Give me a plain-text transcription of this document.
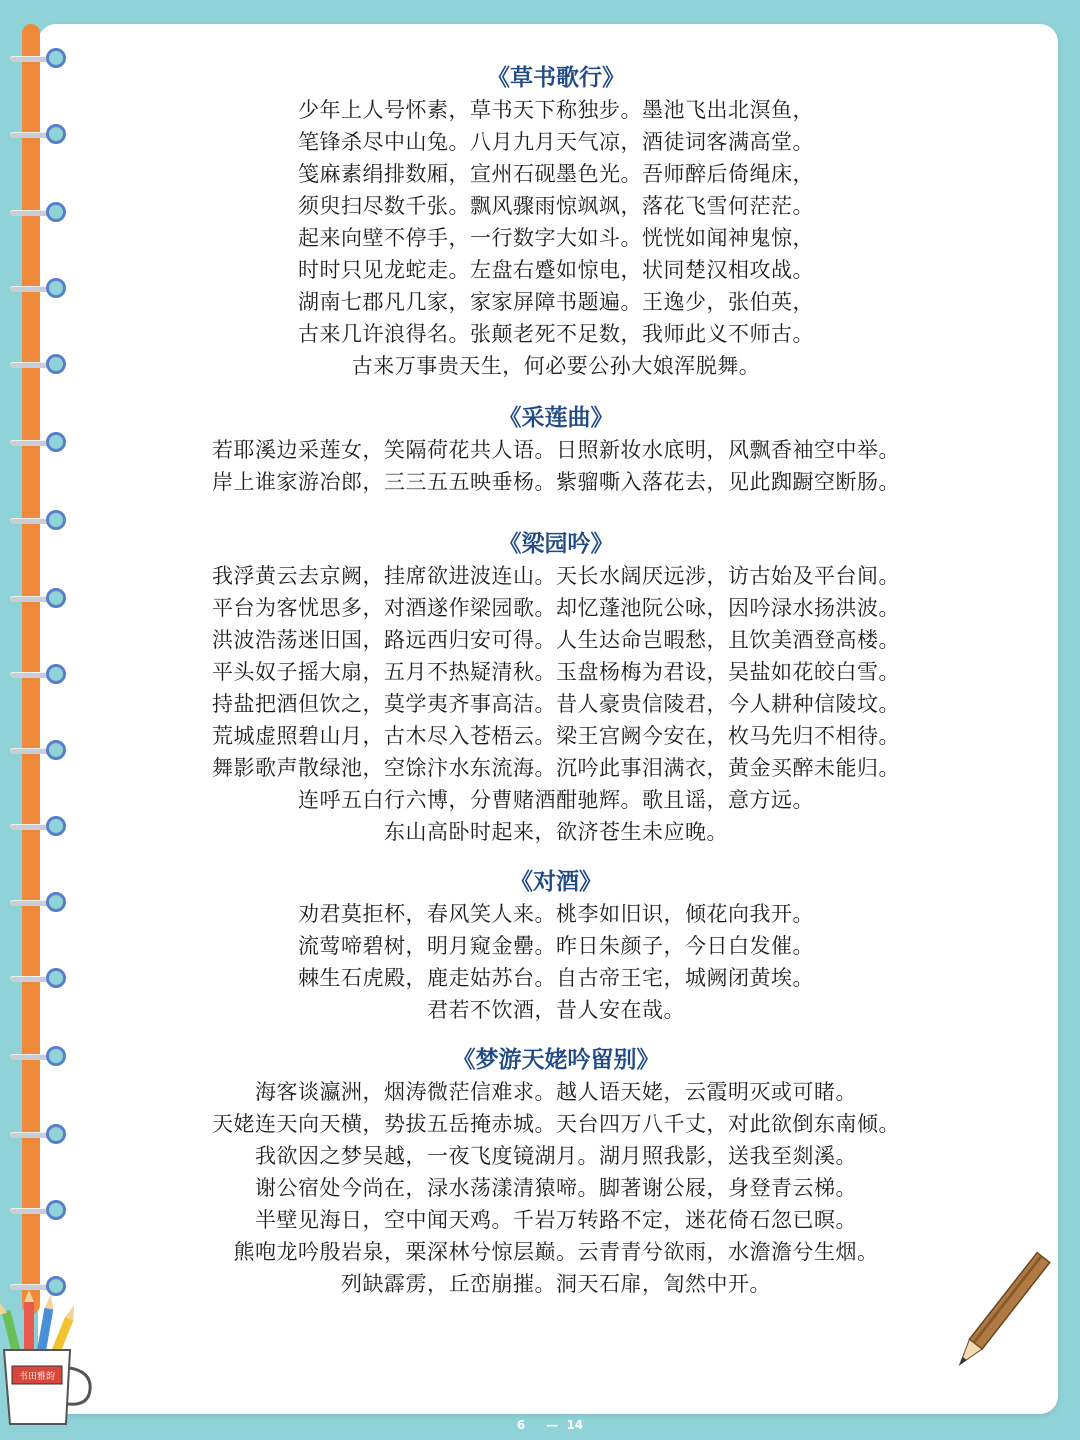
《草书歌行》

少年上人号怀素，草书天下称独步。墨池飞出北溟鱼，

笔锋杀尽中山兔。八月九月天气凉，酒徒词客满高堂。

笺麻素绢排数厢，宣州石砚墨色光。吾师醉后倚绳床，

须臾扫尽数千张。飘风骤雨惊飒飒，落花飞雪何茫茫。

起来向壁不停手，一行数字大如斗。恍恍如闻神鬼惊，

时时只见龙蛇走。左盘右蹙如惊电，状同楚汉相攻战。

湖南七郡凡几家，家家屏障书题遍。王逸少，张伯英，

古来几许浪得名。张颠老死不足数，我师此义不师古。

古来万事贵天生，何必要公孙大娘浑脱舞。

《采莲曲》

若耶溪边采莲女，笑隔荷花共人语。日照新妆水底明，风飘香袖空中举。

岸上谁家游冶郎，三三五五映垂杨。紫骝嘶入落花去，见此踟蹰空断肠。

《梁园吟》

我浮黄云去京阙，挂席欲进波连山。天长水阔厌远涉，访古始及平台间。

平台为客忧思多，对酒遂作梁园歌。却忆蓬池阮公咏，因吟渌水扬洪波。

洪波浩荡迷旧国，路远西归安可得。人生达命岂暇愁，且饮美酒登高楼。

平头奴子摇大扇，五月不热疑清秋。玉盘杨梅为君设，吴盐如花皎白雪。

持盐把酒但饮之，莫学夷齐事高洁。昔人豪贵信陵君，今人耕种信陵坟。

荒城虚照碧山月，古木尽入苍梧云。梁王宫阙今安在，枚马先归不相待。

舞影歌声散绿池，空馀汴水东流海。沉吟此事泪满衣，黄金买醉未能归。

连呼五白行六博，分曹赌酒酣驰辉。歌且谣，意方远。

东山高卧时起来，欲济苍生未应晚。

《对酒》

劝君莫拒杯，春风笑人来。桃李如旧识，倾花向我开。

流莺啼碧树，明月窥金罍。昨日朱颜子，今日白发催。

棘生石虎殿，鹿走姑苏台。自古帝王宅，城阙闭黄埃。

君若不饮酒，昔人安在哉。

《梦游天姥吟留别》

海客谈瀛洲，烟涛微茫信难求。越人语天姥，云霞明灭或可睹。

天姥连天向天横，势拔五岳掩赤城。天台四万八千丈，对此欲倒东南倾。

我欲因之梦吴越，一夜飞度镜湖月。湖月照我影，送我至剡溪。

谢公宿处今尚在，渌水荡漾清猿啼。脚著谢公屐，身登青云梯。

半壁见海日，空中闻天鸡。千岩万转路不定，迷花倚石忽已暝。

熊咆龙吟殷岩泉，栗深林兮惊层巅。云青青兮欲雨，水澹澹兮生烟。

列缺霹雳，丘峦崩摧。洞天石扉，訇然中开。

书田雅韵
6 — 14
